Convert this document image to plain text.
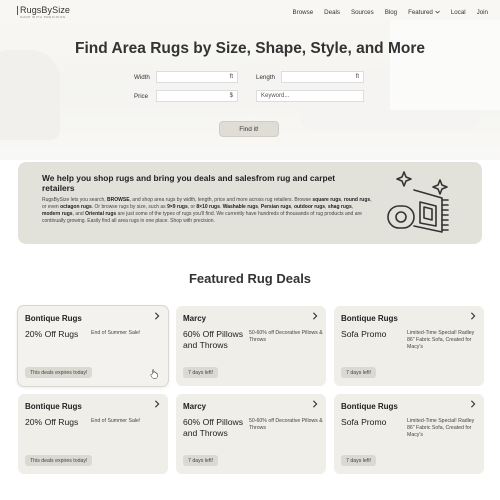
RugsBySize
SHOP WITH PRECISION
Browse Deals Sources Blog Featured	Local Join
Find Area Rugs by Size, Shape, Style, and More
Width	ft	Length	ft
Price	$	Keyword...
Find it!
We help you shop rugs and bring you deals and salesfrom rug and carpet retailers
RugsBySize lets you search, BROWSE, and shop area rugs by width, length, price and more across rug retailers. Browse square rugs, round rugs, or even octagon rugs. Or browse rugs by size, such as 9×9 rugs, or 8×10 rugs. Washable rugs, Persian rugs, outdoor rugs, shag rugs, modern rugs, and Oriental rugs are just some of the types of rugs you'll find. We currently have hundreds of thousands of rug products and are continually growing. Easily find all area rugs in one place. Shop with precision.
Featured Rug Deals
Bontique Rugs
20% Off Rugs	End of Summer Sale!
This deals expires today!
Marcy
60% Off Pillows and Throws
50-60% off Decorative Pillows & Throws
7 days left!
Bontique Rugs
Sofa Promo	Limited-Time Special! Radley 86" Fabric Sofa, Created for Macy's
7 days left!
Bontique Rugs
20% Off Rugs	End of Summer Sale!
This deals expires today!
Marcy
60% Off Pillows and Throws
50-60% off Decorative Pillows & Throws
7 days left!
Bontique Rugs
Sofa Promo	Limited-Time Special! Radley 86" Fabric Sofa, Created for Macy's
7 days left!
